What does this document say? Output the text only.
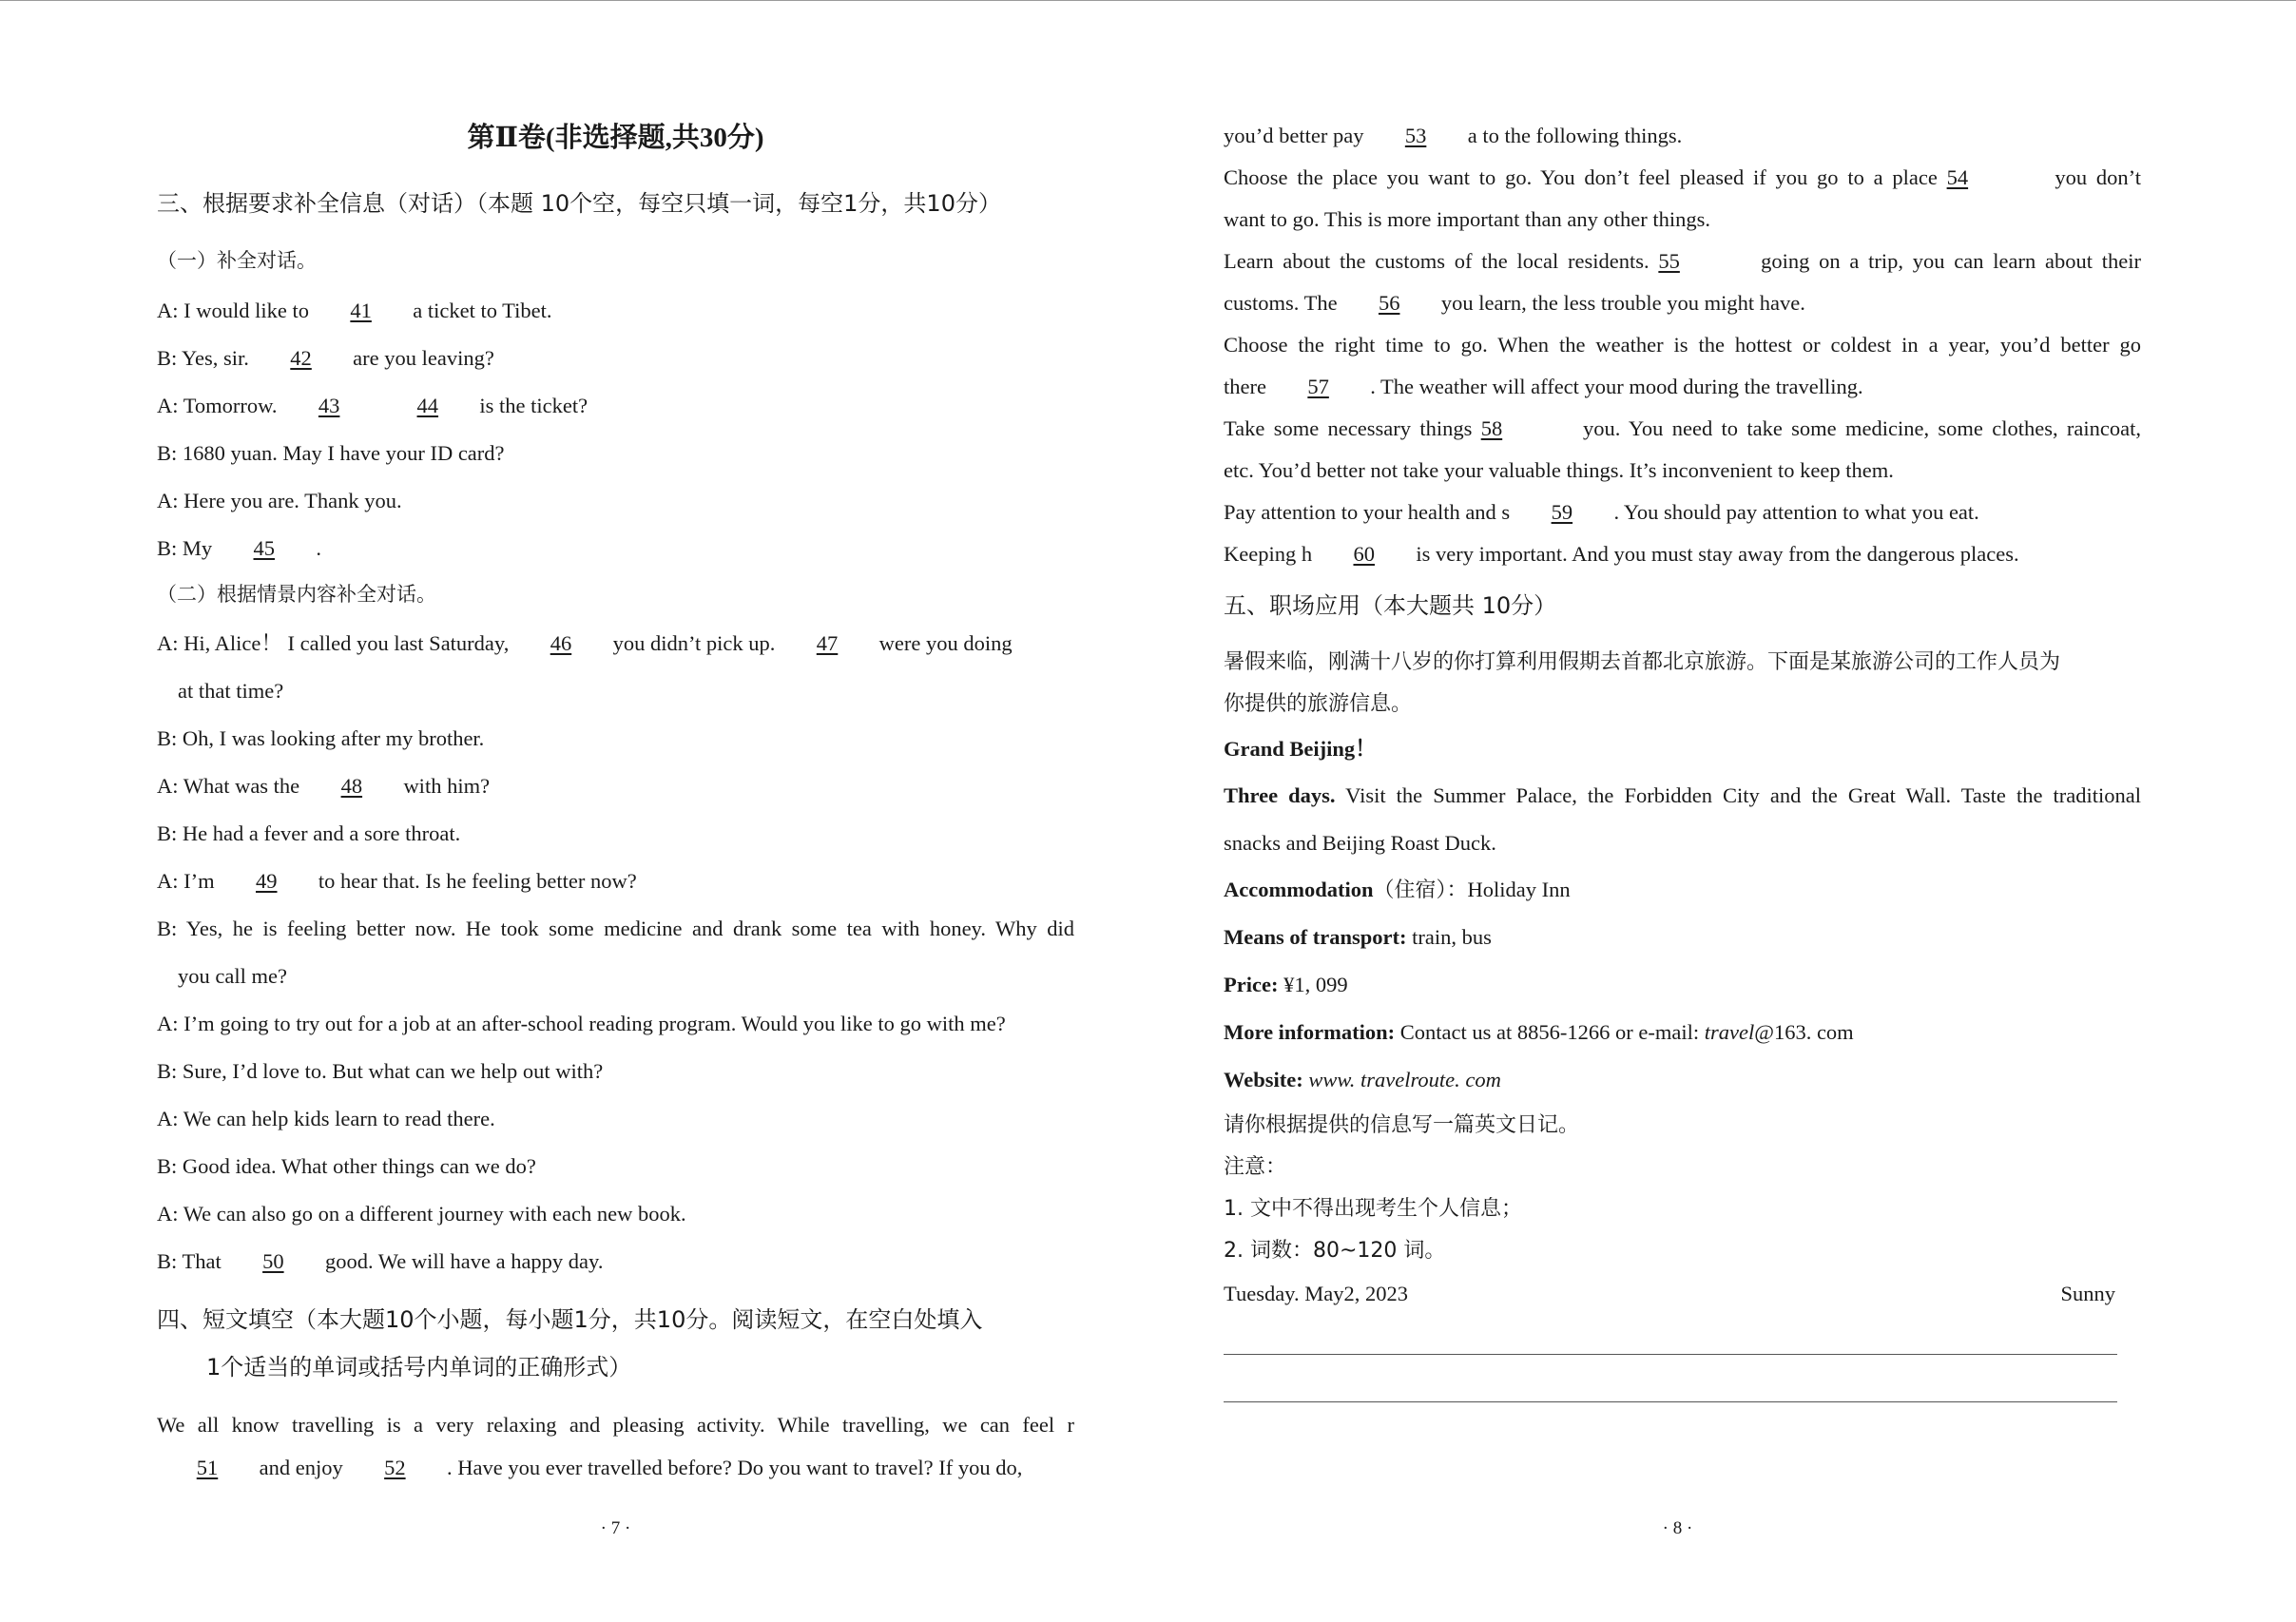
第Ⅱ卷(非选择题,共30分)
三、根据要求补全信息（对话）（本题 10个空，每空只填一词，每空1分，共10分）
（一）补全对话。
A: I would like to 41 a ticket to Tibet.
B: Yes, sir. 42 are you leaving?
A: Tomorrow. 43	44 is the ticket?
B: 1680 yuan. May I have your ID card?
A: Here you are. Thank you.
B: My 45 .
（二）根据情景内容补全对话。
A: Hi, Alice！ I called you last Saturday, 46 you didn’t pick up. 47 were you doing
at that time?
B: Oh, I was looking after my brother.
A: What was the 48 with him?
B: He had a fever and a sore throat.
A: I’m 49 to hear that. Is he feeling better now?
B: Yes, he is feeling better now. He took some medicine and drank some tea with honey. Why did
you call me?
A: I’m going to try out for a job at an after-school reading program. Would you like to go with me?
B: Sure, I’d love to. But what can we help out with?
A: We can help kids learn to read there.
B: Good idea. What other things can we do?
A: We can also go on a different journey with each new book.
B: That 50 good. We will have a happy day.
四、短文填空（本大题10个小题，每小题1分，共10分。阅读短文，在空白处填入
1个适当的单词或括号内单词的正确形式）
We all know travelling is a very relaxing and pleasing activity. While travelling, we can feel r
51 and enjoy 52 . Have you ever travelled before? Do you want to travel? If you do,
· 7 ·
you’d better pay 53 a to the following things.
Choose the place you want to go. You don’t feel pleased if you go to a place 54	you don’t
want to go. This is more important than any other things.
Learn about the customs of the local residents. 55	going on a trip, you can learn about their
customs. The 56 you learn, the less trouble you might have.
Choose the right time to go. When the weather is the hottest or coldest in a year, you’d better go
there 57 . The weather will affect your mood during the travelling.
Take some necessary things 58	you. You need to take some medicine, some clothes, raincoat,
etc. You’d better not take your valuable things. It’s inconvenient to keep them.
Pay attention to your health and s 59 . You should pay attention to what you eat.
Keeping h 60 is very important. And you must stay away from the dangerous places.
五、职场应用（本大题共 10分）
暑假来临，刚满十八岁的你打算利用假期去首都北京旅游。下面是某旅游公司的工作人员为
你提供的旅游信息。
Grand Beijing！
Three days. Visit the Summer Palace, the Forbidden City and the Great Wall. Taste the traditional
snacks and Beijing Roast Duck.
Accommodation（住宿）：Holiday Inn
Means of transport: train, bus
Price: ¥1, 099
More information: Contact us at 8856-1266 or e-mail: travel@163. com
Website: www. travelroute. com
请你根据提供的信息写一篇英文日记。
注意：
1. 文中不得出现考生个人信息；
2. 词数：80~120 词。
Tuesday. May2, 2023	Sunny
· 8 ·
